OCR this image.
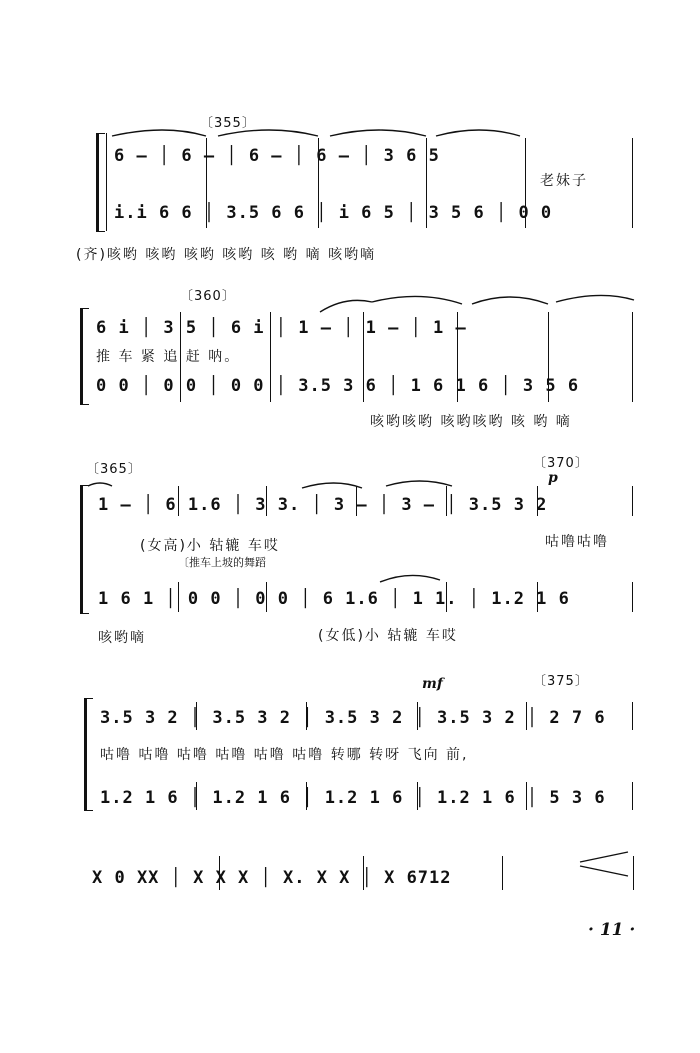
〔355〕
6 – │ 6 – │ 6 – │ 6 – │ 3 6 5
老妹子
i.i 6 6 │ 3.5 6 6 │ i 6 5 │ 3 5 6 │ 0 0
(齐)咳哟 咳哟 咳哟 咳哟 咳 哟 嘀 咳哟嘀
〔360〕
6 i │ 3 5 │ 6 i │ 1 – │ 1 – │ 1 –
推 车 紧 追 赶 呐。
0 0 │ 0 0 │ 0 0 │ 3.5 3 6 │ 1 6 1 6 │ 3 5 6
咳哟咳哟 咳哟咳哟 咳 哟 嘀
〔365〕	〔370〕
p
1 – │ 6 1.6 │ 3 3. │ 3 – │ 3 – │ 3.5 3 2
(女高)小 轱辘 车哎	咕噜咕噜
〔推车上坡的舞蹈
1 6 1 │ 0 0 │ 0 0 │ 6 1.6 │ 1 1. │ 1.2 1 6
咳哟嘀	(女低)小 轱辘 车哎
mf	〔375〕
3.5 3 2 │ 3.5 3 2 │ 3.5 3 2 │ 3.5 3 2 │ 2 7 6
咕噜 咕噜 咕噜 咕噜 咕噜 咕噜 转哪 转呀 飞向 前,
1.2 1 6 │ 1.2 1 6 │ 1.2 1 6 │ 1.2 1 6 │ 5 3 6
X 0 XX │ X X X │ X. X X │ X 6712
· 11 ·
